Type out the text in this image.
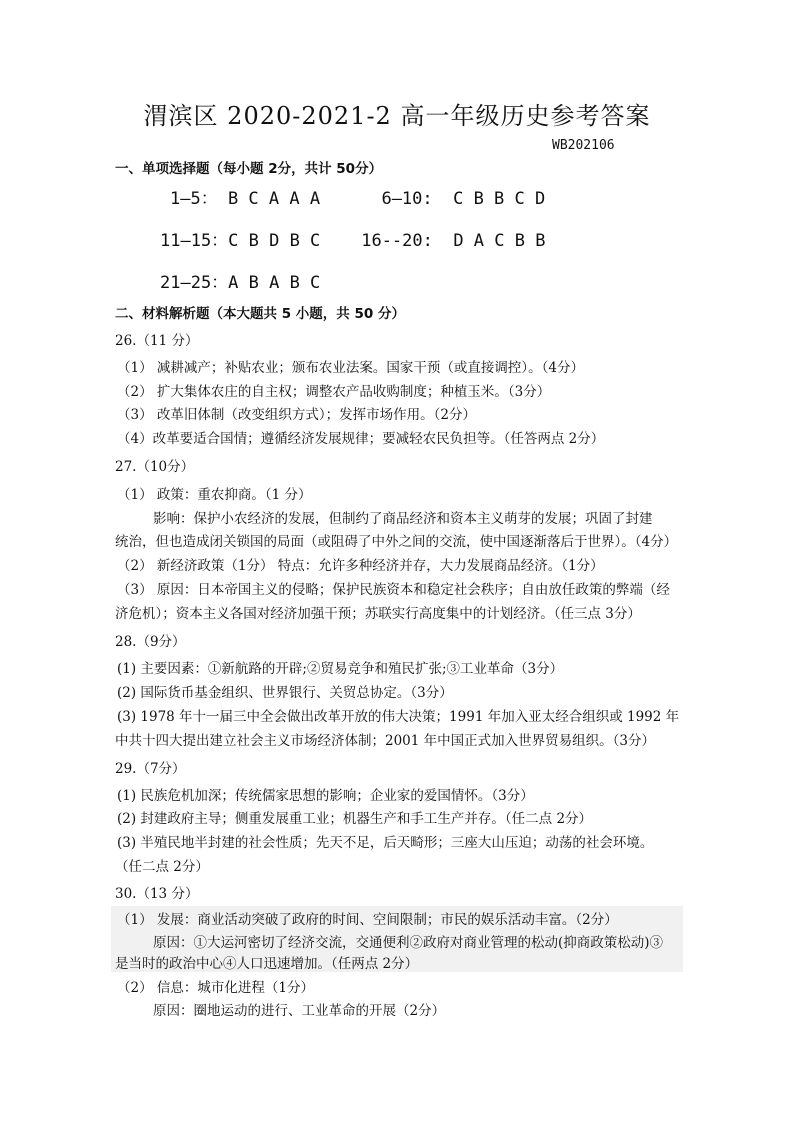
渭滨区 2020-2021-2 高一年级历史参考答案
WB202106
一、单项选择题（每小题 2分，共计 50分）
1—5： B C A A A      6—10:  C B B C D
11—15：C B D B C    16--20:  D A C B B
21—25：A B A B C
二、材料解析题（本大题共 5 小题，共 50 分）
26.（11 分）
（1） 减耕减产；补贴农业；颁布农业法案。国家干预（或直接调控）。（4分）
（2） 扩大集体农庄的自主权；调整农产品收购制度；种植玉米。（3分）
（3） 改革旧体制（改变组织方式）；发挥市场作用。（2分）
（4）改革要适合国情；遵循经济发展规律；要减轻农民负担等。（任答两点 2分）
27.（10分）
（1） 政策：重农抑商。（1 分）
影响：保护小农经济的发展，但制约了商品经济和资本主义萌芽的发展；巩固了封建
统治，但也造成闭关锁国的局面（或阻碍了中外之间的交流，使中国逐渐落后于世界）。（4分）
（2） 新经济政策（1分） 特点：允许多种经济并存，大力发展商品经济。（1分）
（3） 原因：日本帝国主义的侵略；保护民族资本和稳定社会秩序；自由放任政策的弊端（经
济危机）；资本主义各国对经济加强干预；苏联实行高度集中的计划经济。（任三点 3分）
28.（9分）
(1) 主要因素：①新航路的开辟;②贸易竞争和殖民扩张;③工业革命（3分）
(2) 国际货币基金组织、世界银行、关贸总协定。（3分）
(3) 1978 年十一届三中全会做出改革开放的伟大决策；1991 年加入亚太经合组织或 1992 年
中共十四大提出建立社会主义市场经济体制；2001 年中国正式加入世界贸易组织。（3分）
29.（7分）
(1) 民族危机加深；传统儒家思想的影响；企业家的爱国情怀。（3分）
(2) 封建政府主导；侧重发展重工业；机器生产和手工生产并存。（任二点 2分）
(3) 半殖民地半封建的社会性质；先天不足，后天畸形；三座大山压迫；动荡的社会环境。
（任二点 2分）
30.（13 分）
（1） 发展：商业活动突破了政府的时间、空间限制；市民的娱乐活动丰富。（2分）
原因：①大运河密切了经济交流，交通便利②政府对商业管理的松动(抑商政策松动)③
是当时的政治中心④人口迅速增加。（任两点 2分）
（2） 信息：城市化进程（1分）
原因：圈地运动的进行、工业革命的开展（2分）
